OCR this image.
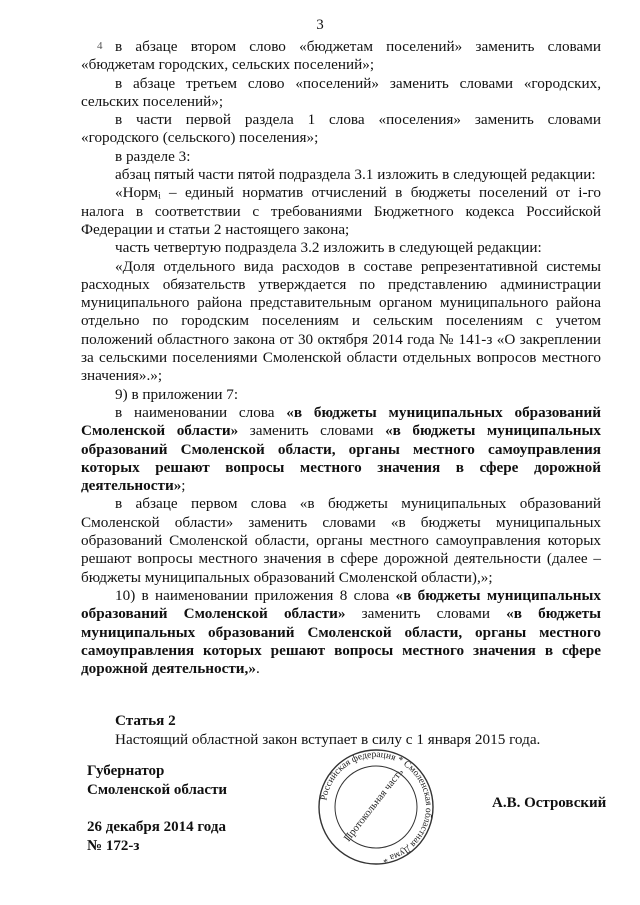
3
4 в абзаце втором слово «бюджетам поселений» заменить словами «бюджетам городских, сельских поселений»;

в абзаце третьем слово «поселений» заменить словами «городских, сельских поселений»;

в части первой раздела 1 слова «поселения» заменить словами «городского (сельского) поселения»;

в разделе 3:

абзац пятый части пятой подраздела 3.1 изложить в следующей редакции:

«Нормᵢ – единый норматив отчислений в бюджеты поселений от i-го налога в соответствии с требованиями Бюджетного кодекса Российской Федерации и статьи 2 настоящего закона;

часть четвертую подраздела 3.2 изложить в следующей редакции:

«Доля отдельного вида расходов в составе репрезентативной системы расходных обязательств утверждается по представлению администрации муниципального района представительным органом муниципального района отдельно по городским поселениям и сельским поселениям с учетом положений областного закона от 30 октября 2014 года № 141-з «О закреплении за сельскими поселениями Смоленской области отдельных вопросов местного значения».»;

9) в приложении 7:

в наименовании слова «в бюджеты муниципальных образований Смоленской области» заменить словами «в бюджеты муниципальных образований Смоленской области, органы местного самоуправления которых решают вопросы местного значения в сфере дорожной деятельности»;

в абзаце первом слова «в бюджеты муниципальных образований Смоленской области» заменить словами «в бюджеты муниципальных образований Смоленской области, органы местного самоуправления которых решают вопросы местного значения в сфере дорожной деятельности (далее – бюджеты муниципальных образований Смоленской области),»;

10) в наименовании приложения 8 слова «в бюджеты муниципальных образований Смоленской области» заменить словами «в бюджеты муниципальных образований Смоленской области, органы местного самоуправления которых решают вопросы местного значения в сфере дорожной деятельности,».

Статья 2

Настоящий областной закон вступает в силу с 1 января 2015 года.

Губернатор
Смоленской области
26 декабря 2014 года
№ 172-з
А.В. Островский
Российская федерация * Смоленская областная Дума *
Протокольная часть
